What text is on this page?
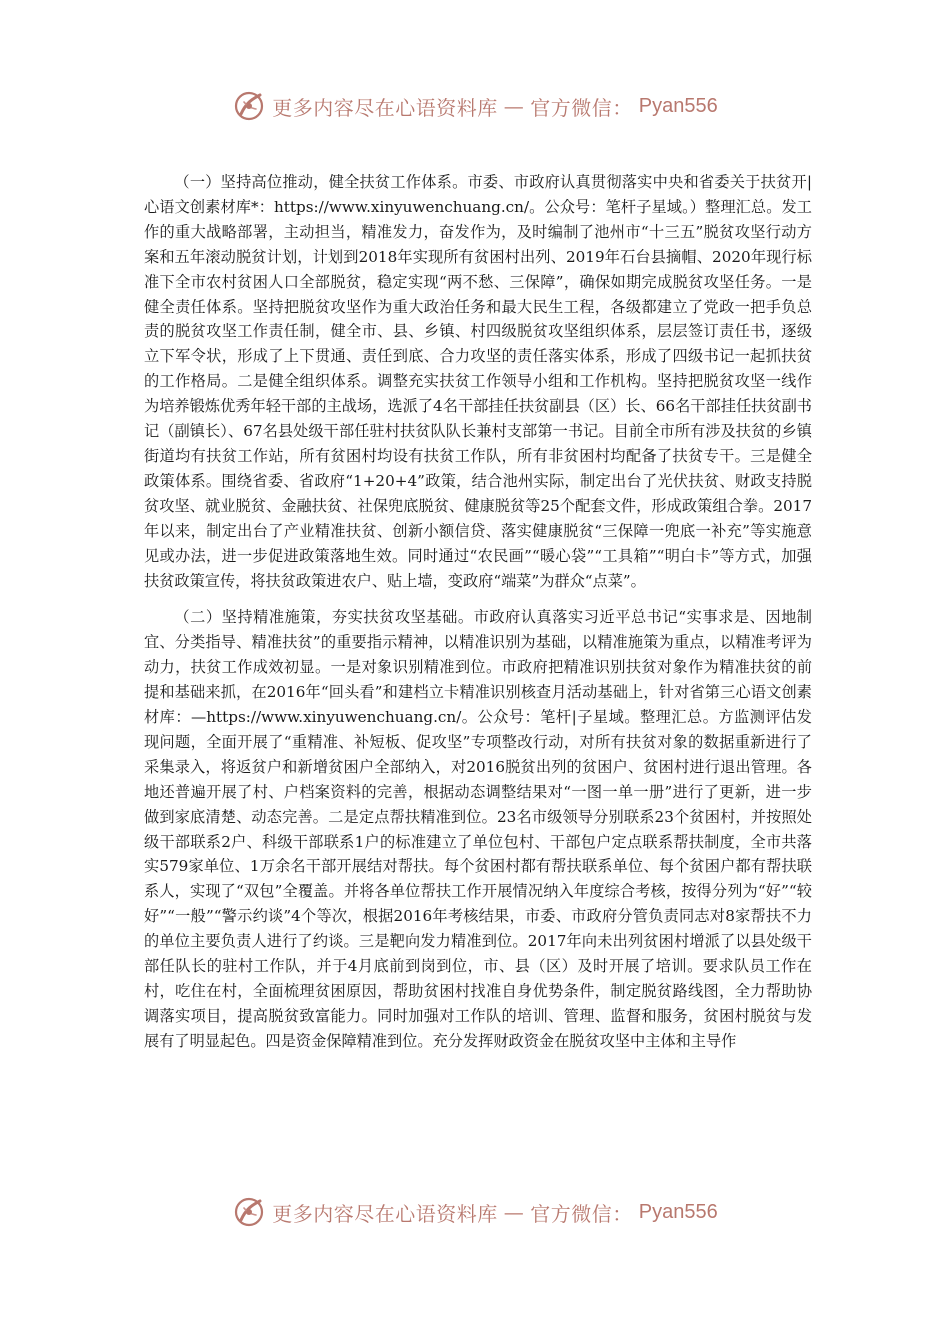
更多内容尽在心语资料库 — 官方微信： Pyan556

（一）坚持高位推动，健全扶贫工作体系。市委、市政府认真贯彻落实中央和省委关于扶贫开|心语文创素材库*：https://www.xinyuwenchuang.cn/。公众号：笔杆子星域。）整理汇总。发工作的重大战略部署，主动担当，精准发力，奋发作为，及时编制了池州市“十三五”脱贫攻坚行动方案和五年滚动脱贫计划，计划到2018年实现所有贫困村出列、2019年石台县摘帽、2020年现行标准下全市农村贫困人口全部脱贫，稳定实现“两不愁、三保障”，确保如期完成脱贫攻坚任务。一是健全责任体系。坚持把脱贫攻坚作为重大政治任务和最大民生工程，各级都建立了党政一把手负总责的脱贫攻坚工作责任制，健全市、县、乡镇、村四级脱贫攻坚组织体系，层层签订责任书，逐级立下军令状，形成了上下贯通、责任到底、合力攻坚的责任落实体系，形成了四级书记一起抓扶贫的工作格局。二是健全组织体系。调整充实扶贫工作领导小组和工作机构。坚持把脱贫攻坚一线作为培养锻炼优秀年轻干部的主战场，选派了4名干部挂任扶贫副县（区）长、66名干部挂任扶贫副书记（副镇长）、67名县处级干部任驻村扶贫队队长兼村支部第一书记。目前全市所有涉及扶贫的乡镇街道均有扶贫工作站，所有贫困村均设有扶贫工作队，所有非贫困村均配备了扶贫专干。三是健全政策体系。围绕省委、省政府“1+20+4”政策，结合池州实际，制定出台了光伏扶贫、财政支持脱贫攻坚、就业脱贫、金融扶贫、社保兜底脱贫、健康脱贫等25个配套文件，形成政策组合拳。2017年以来，制定出台了产业精准扶贫、创新小额信贷、落实健康脱贫“三保障一兜底一补充”等实施意见或办法，进一步促进政策落地生效。同时通过“农民画”“暖心袋”“工具箱”“明白卡”等方式，加强扶贫政策宣传，将扶贫政策进农户、贴上墙，变政府“端菜”为群众“点菜”。

（二）坚持精准施策，夯实扶贫攻坚基础。市政府认真落实习近平总书记“实事求是、因地制宜、分类指导、精准扶贫”的重要指示精神，以精准识别为基础，以精准施策为重点，以精准考评为动力，扶贫工作成效初显。一是对象识别精准到位。市政府把精准识别扶贫对象作为精准扶贫的前提和基础来抓，在2016年“回头看”和建档立卡精准识别核查月活动基础上，针对省第三心语文创素材库：—https://www.xinyuwenchuang.cn/。公众号：笔杆|子星域。整理汇总。方监测评估发现问题，全面开展了“重精准、补短板、促攻坚”专项整改行动，对所有扶贫对象的数据重新进行了采集录入，将返贫户和新增贫困户全部纳入，对2016脱贫出列的贫困户、贫困村进行退出管理。各地还普遍开展了村、户档案资料的完善，根据动态调整结果对“一图一单一册”进行了更新，进一步做到家底清楚、动态完善。二是定点帮扶精准到位。23名市级领导分别联系23个贫困村，并按照处级干部联系2户、科级干部联系1户的标准建立了单位包村、干部包户定点联系帮扶制度，全市共落实579家单位、1万余名干部开展结对帮扶。每个贫困村都有帮扶联系单位、每个贫困户都有帮扶联系人，实现了“双包”全覆盖。并将各单位帮扶工作开展情况纳入年度综合考核，按得分列为“好”“较好”“一般”“警示约谈”4个等次，根据2016年考核结果，市委、市政府分管负责同志对8家帮扶不力的单位主要负责人进行了约谈。三是靶向发力精准到位。2017年向未出列贫困村增派了以县处级干部任队长的驻村工作队，并于4月底前到岗到位，市、县（区）及时开展了培训。要求队员工作在村，吃住在村，全面梳理贫困原因，帮助贫困村找准自身优势条件，制定脱贫路线图，全力帮助协调落实项目，提高脱贫致富能力。同时加强对工作队的培训、管理、监督和服务，贫困村脱贫与发展有了明显起色。四是资金保障精准到位。充分发挥财政资金在脱贫攻坚中主体和主导作

更多内容尽在心语资料库 — 官方微信： Pyan556
